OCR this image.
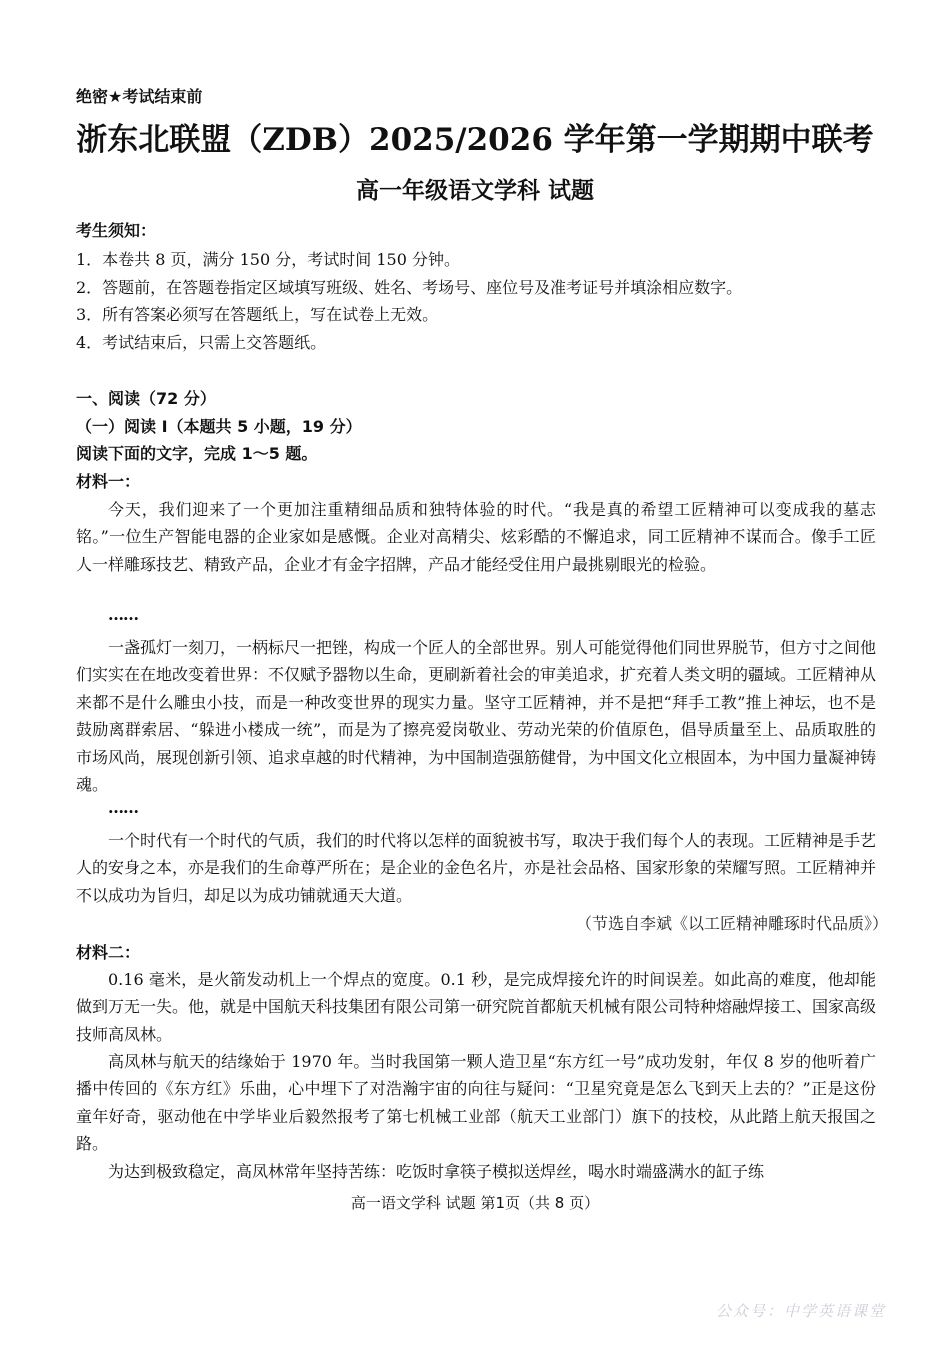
绝密★考试结束前
浙东北联盟（ZDB）2025/2026 学年第一学期期中联考
高一年级语文学科 试题
考生须知：
1．本卷共 8 页，满分 150 分，考试时间 150 分钟。
2．答题前，在答题卷指定区域填写班级、姓名、考场号、座位号及准考证号并填涂相应数字。
3．所有答案必须写在答题纸上，写在试卷上无效。
4．考试结束后，只需上交答题纸。
一、阅读（72 分）
（一）阅读 I（本题共 5 小题，19 分）
阅读下面的文字，完成 1～5 题。
材料一：

今天，我们迎来了一个更加注重精细品质和独特体验的时代。“我是真的希望工匠精神可以变成我的墓志铭。”一位生产智能电器的企业家如是感慨。企业对高精尖、炫彩酷的不懈追求，同工匠精神不谋而合。像手工匠人一样雕琢技艺、精致产品，企业才有金字招牌，产品才能经受住用户最挑剔眼光的检验。

……

一盏孤灯一刻刀，一柄标尺一把锉，构成一个匠人的全部世界。别人可能觉得他们同世界脱节，但方寸之间他们实实在在地改变着世界：不仅赋予器物以生命，更刷新着社会的审美追求，扩充着人类文明的疆域。工匠精神从来都不是什么雕虫小技，而是一种改变世界的现实力量。坚守工匠精神，并不是把“拜手工教”推上神坛，也不是鼓励离群索居、“躲进小楼成一统”，而是为了擦亮爱岗敬业、劳动光荣的价值原色，倡导质量至上、品质取胜的市场风尚，展现创新引领、追求卓越的时代精神，为中国制造强筋健骨，为中国文化立根固本，为中国力量凝神铸魂。

……

一个时代有一个时代的气质，我们的时代将以怎样的面貌被书写，取决于我们每个人的表现。工匠精神是手艺人的安身之本，亦是我们的生命尊严所在；是企业的金色名片，亦是社会品格、国家形象的荣耀写照。工匠精神并不以成功为旨归，却足以为成功铺就通天大道。

（节选自李斌《以工匠精神雕琢时代品质》）
材料二：

0.16 毫米，是火箭发动机上一个焊点的宽度。0.1 秒，是完成焊接允许的时间误差。如此高的难度，他却能做到万无一失。他，就是中国航天科技集团有限公司第一研究院首都航天机械有限公司特种熔融焊接工、国家高级技师高凤林。

高凤林与航天的结缘始于 1970 年。当时我国第一颗人造卫星“东方红一号”成功发射，年仅 8 岁的他听着广播中传回的《东方红》乐曲，心中埋下了对浩瀚宇宙的向往与疑问：“卫星究竟是怎么飞到天上去的？”正是这份童年好奇，驱动他在中学毕业后毅然报考了第七机械工业部（航天工业部门）旗下的技校，从此踏上航天报国之路。

为达到极致稳定，高凤林常年坚持苦练：吃饭时拿筷子模拟送焊丝，喝水时端盛满水的缸子练

高一语文学科 试题 第1页（共 8 页）
公众号：中学英语课堂
